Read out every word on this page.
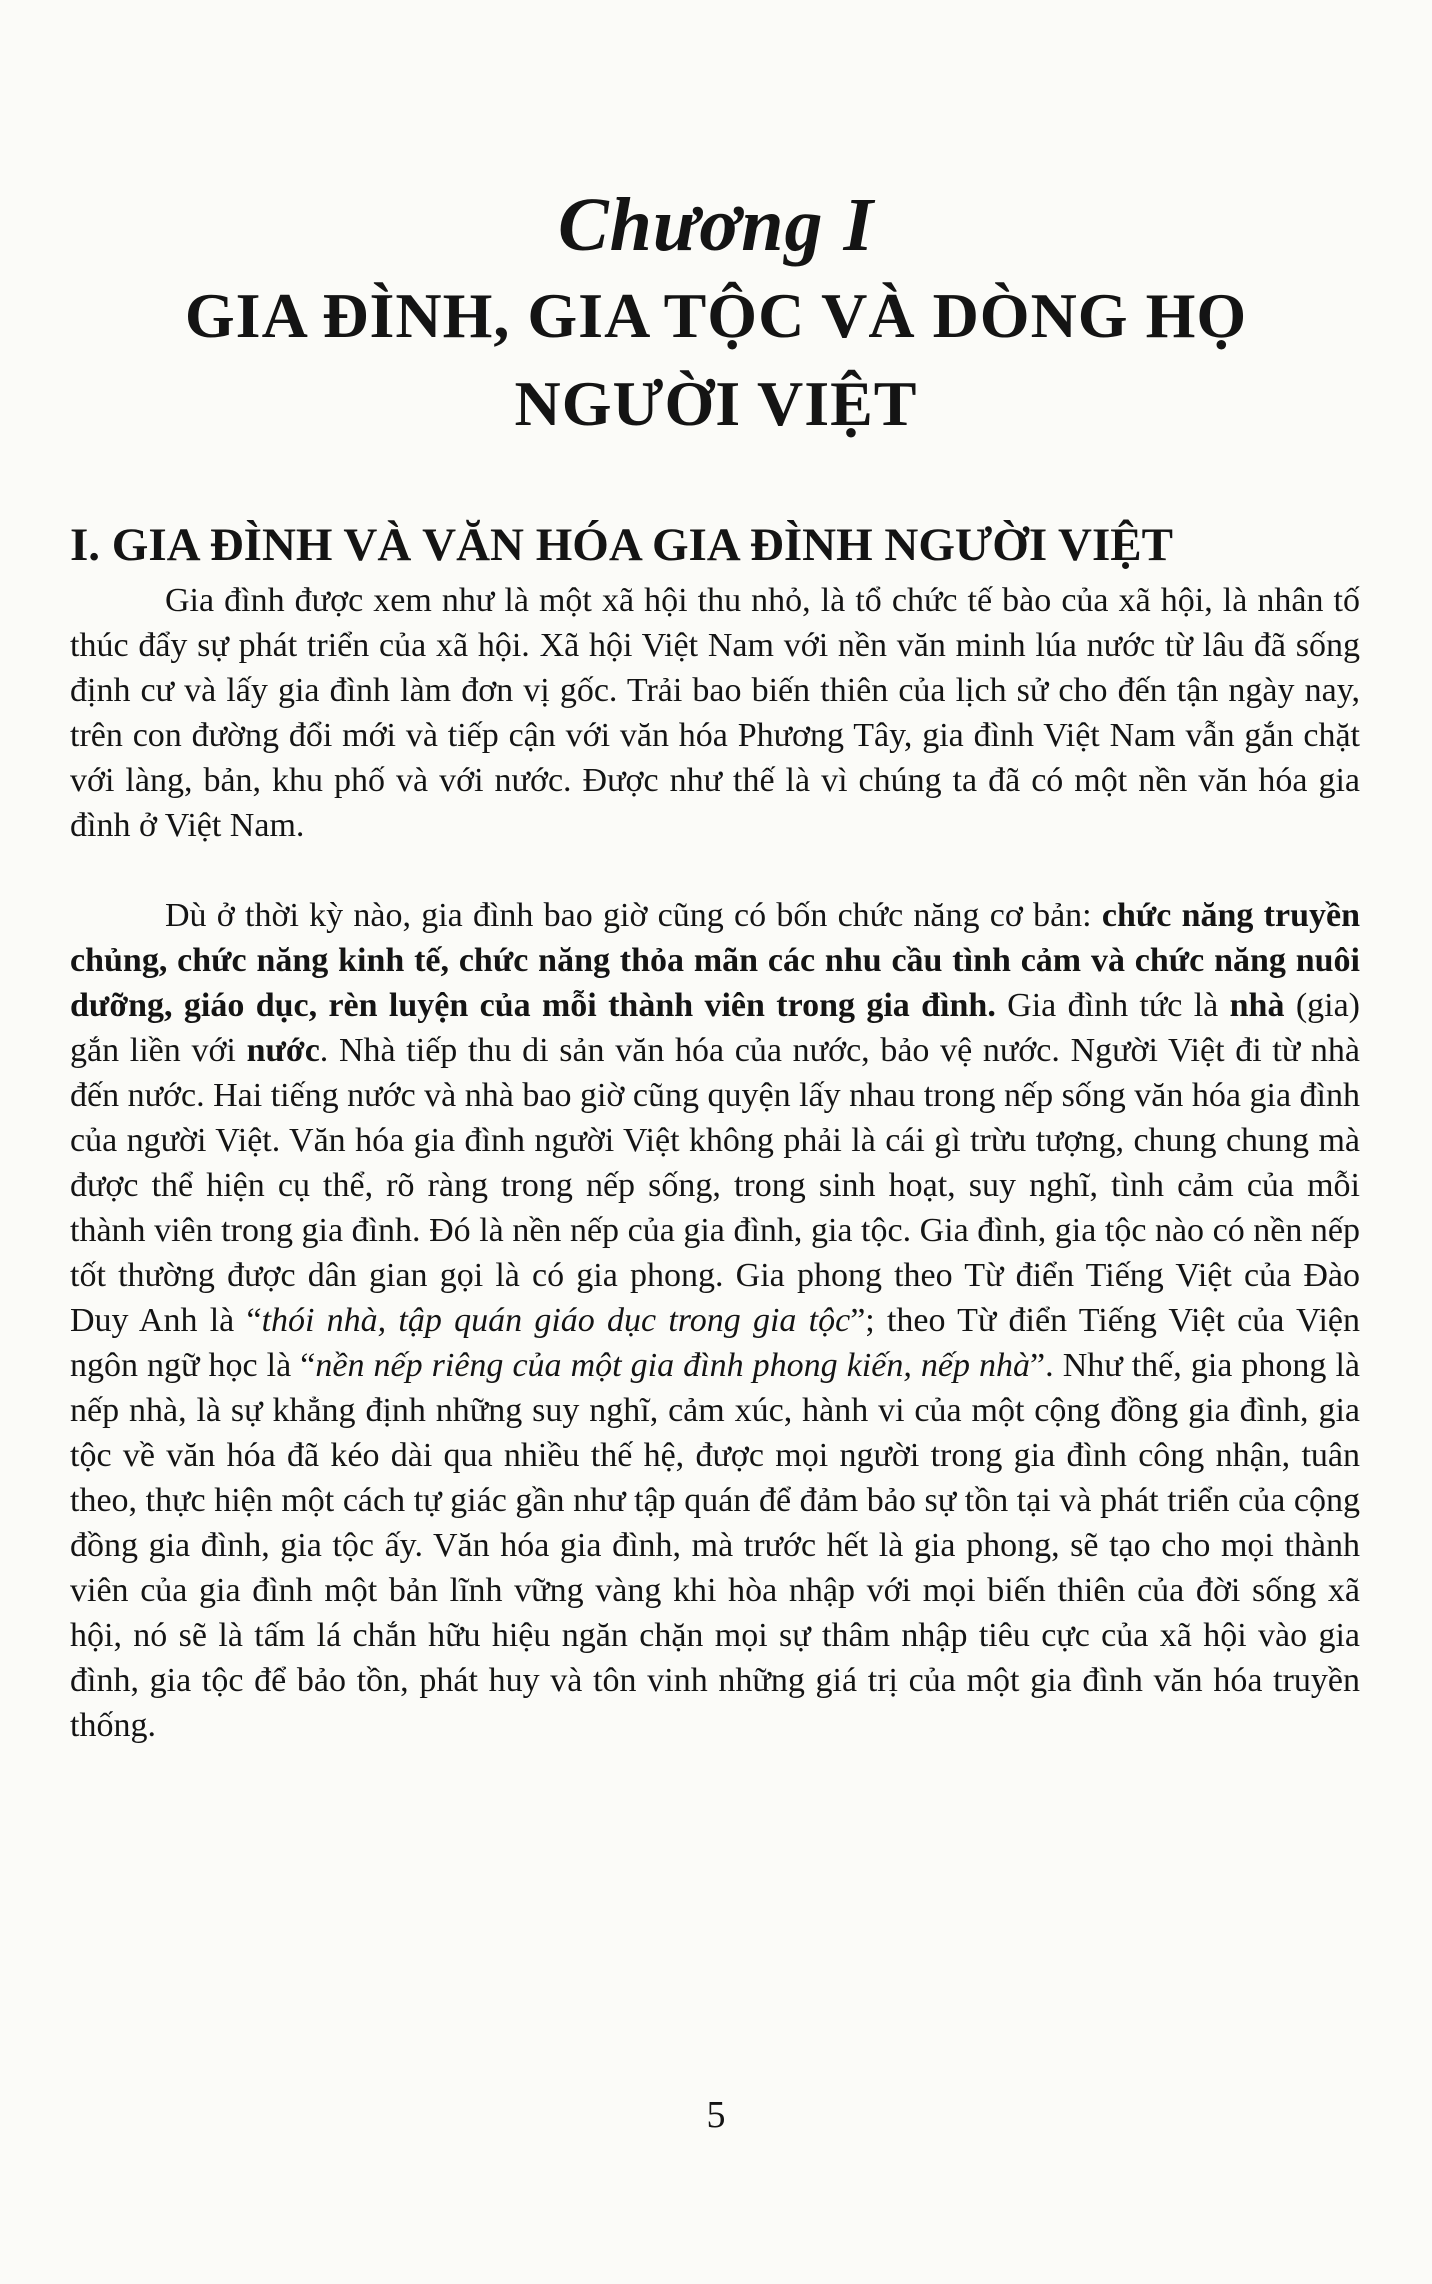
Chương I
GIA ĐÌNH, GIA TỘC VÀ DÒNG HỌ
NGƯỜI VIỆT
I. GIA ĐÌNH VÀ VĂN HÓA GIA ĐÌNH NGƯỜI VIỆT

Gia đình được xem như là một xã hội thu nhỏ, là tổ chức tế bào của xã hội, là nhân tố thúc đẩy sự phát triển của xã hội. Xã hội Việt Nam với nền văn minh lúa nước từ lâu đã sống định cư và lấy gia đình làm đơn vị gốc. Trải bao biến thiên của lịch sử cho đến tận ngày nay, trên con đường đổi mới và tiếp cận với văn hóa Phương Tây, gia đình Việt Nam vẫn gắn chặt với làng, bản, khu phố và với nước. Được như thế là vì chúng ta đã có một nền văn hóa gia đình ở Việt Nam.

Dù ở thời kỳ nào, gia đình bao giờ cũng có bốn chức năng cơ bản: chức năng truyền chủng, chức năng kinh tế, chức năng thỏa mãn các nhu cầu tình cảm và chức năng nuôi dưỡng, giáo dục, rèn luyện của mỗi thành viên trong gia đình. Gia đình tức là nhà (gia) gắn liền với nước. Nhà tiếp thu di sản văn hóa của nước, bảo vệ nước. Người Việt đi từ nhà đến nước. Hai tiếng nước và nhà bao giờ cũng quyện lấy nhau trong nếp sống văn hóa gia đình của người Việt. Văn hóa gia đình người Việt không phải là cái gì trừu tượng, chung chung mà được thể hiện cụ thể, rõ ràng trong nếp sống, trong sinh hoạt, suy nghĩ, tình cảm của mỗi thành viên trong gia đình. Đó là nền nếp của gia đình, gia tộc. Gia đình, gia tộc nào có nền nếp tốt thường được dân gian gọi là có gia phong. Gia phong theo Từ điển Tiếng Việt của Đào Duy Anh là “thói nhà, tập quán giáo dục trong gia tộc”; theo Từ điển Tiếng Việt của Viện ngôn ngữ học là “nền nếp riêng của một gia đình phong kiến, nếp nhà”. Như thế, gia phong là nếp nhà, là sự khẳng định những suy nghĩ, cảm xúc, hành vi của một cộng đồng gia đình, gia tộc về văn hóa đã kéo dài qua nhiều thế hệ, được mọi người trong gia đình công nhận, tuân theo, thực hiện một cách tự giác gần như tập quán để đảm bảo sự tồn tại và phát triển của cộng đồng gia đình, gia tộc ấy. Văn hóa gia đình, mà trước hết là gia phong, sẽ tạo cho mọi thành viên của gia đình một bản lĩnh vững vàng khi hòa nhập với mọi biến thiên của đời sống xã hội, nó sẽ là tấm lá chắn hữu hiệu ngăn chặn mọi sự thâm nhập tiêu cực của xã hội vào gia đình, gia tộc để bảo tồn, phát huy và tôn vinh những giá trị của một gia đình văn hóa truyền thống.

5
